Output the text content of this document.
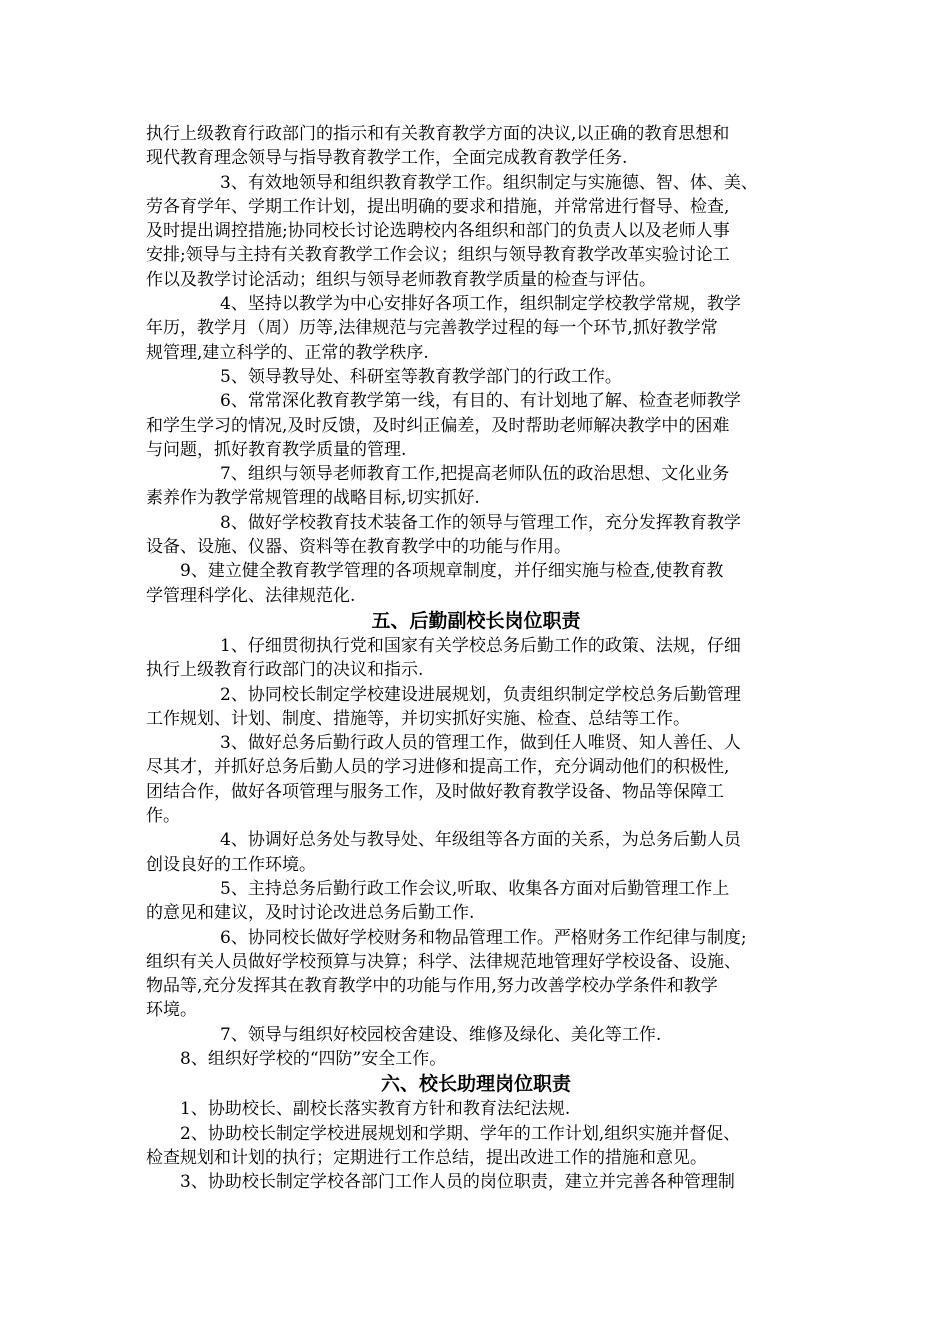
执行上级教育行政部门的指示和有关教育教学方面的决议,以正确的教育思想和
现代教育理念领导与指导教育教学工作，全面完成教育教学任务.
3、有效地领导和组织教育教学工作。组织制定与实施德、智、体、美、
劳各育学年、学期工作计划，提出明确的要求和措施，并常常进行督导、检查,
及时提出调控措施;协同校长讨论选聘校内各组织和部门的负责人以及老师人事
安排;领导与主持有关教育教学工作会议；组织与领导教育教学改革实验讨论工
作以及教学讨论活动；组织与领导老师教育教学质量的检查与评估。
4、坚持以教学为中心安排好各项工作，组织制定学校教学常规，教学
年历，教学月（周）历等,法律规范与完善教学过程的每一个环节,抓好教学常
规管理,建立科学的、正常的教学秩序.
5、领导教导处、科研室等教育教学部门的行政工作。
6、常常深化教育教学第一线，有目的、有计划地了解、检查老师教学
和学生学习的情况,及时反馈，及时纠正偏差，及时帮助老师解决教学中的困难
与问题，抓好教育教学质量的管理.
7、组织与领导老师教育工作,把提高老师队伍的政治思想、文化业务
素养作为教学常规管理的战略目标,切实抓好.
8、做好学校教育技术装备工作的领导与管理工作，充分发挥教育教学
设备、设施、仪器、资料等在教育教学中的功能与作用。
9、建立健全教育教学管理的各项规章制度，并仔细实施与检查,使教育教
学管理科学化、法律规范化.
五、后勤副校长岗位职责
1、仔细贯彻执行党和国家有关学校总务后勤工作的政策、法规，仔细
执行上级教育行政部门的决议和指示.
2、协同校长制定学校建设进展规划，负责组织制定学校总务后勤管理
工作规划、计划、制度、措施等，并切实抓好实施、检查、总结等工作。
3、做好总务后勤行政人员的管理工作，做到任人唯贤、知人善任、人
尽其才，并抓好总务后勤人员的学习进修和提高工作，充分调动他们的积极性,
团结合作，做好各项管理与服务工作，及时做好教育教学设备、物品等保障工
作。
4、协调好总务处与教导处、年级组等各方面的关系，为总务后勤人员
创设良好的工作环境。
5、主持总务后勤行政工作会议,听取、收集各方面对后勤管理工作上
的意见和建议，及时讨论改进总务后勤工作.
6、协同校长做好学校财务和物品管理工作。严格财务工作纪律与制度;
组织有关人员做好学校预算与决算；科学、法律规范地管理好学校设备、设施、
物品等,充分发挥其在教育教学中的功能与作用,努力改善学校办学条件和教学
环境。
7、领导与组织好校园校舍建设、维修及绿化、美化等工作.
8、组织好学校的“四防”安全工作。
六、校长助理岗位职责
1、协助校长、副校长落实教育方针和教育法纪法规.
2、协助校长制定学校进展规划和学期、学年的工作计划,组织实施并督促、
检查规划和计划的执行；定期进行工作总结，提出改进工作的措施和意见。
3、协助校长制定学校各部门工作人员的岗位职责，建立并完善各种管理制
